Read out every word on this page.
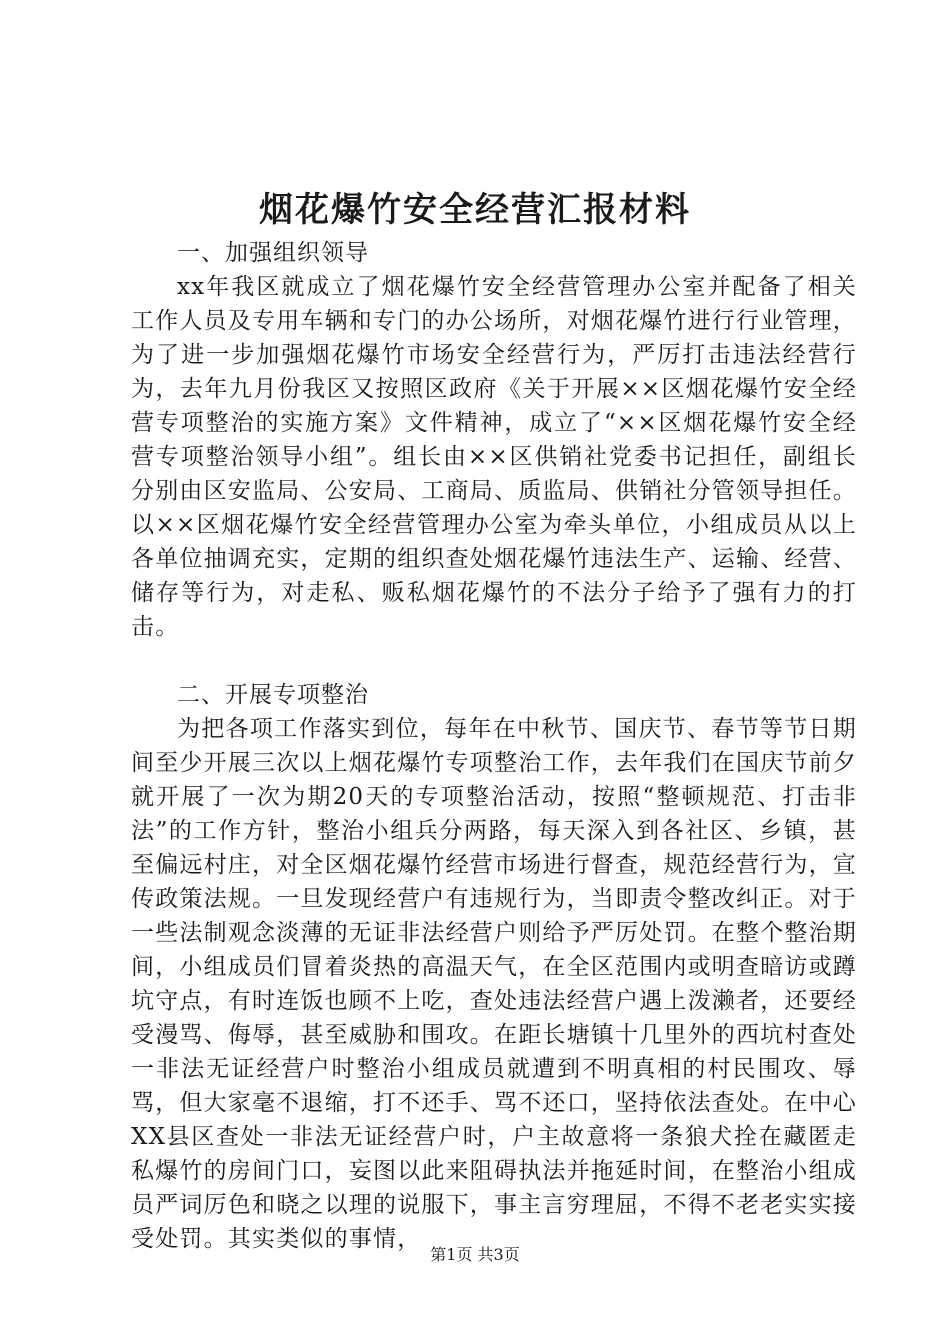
烟花爆竹安全经营汇报材料
一、加强组织领导

xx年我区就成立了烟花爆竹安全经营管理办公室并配备了相关工作人员及专用车辆和专门的办公场所，对烟花爆竹进行行业管理，为了进一步加强烟花爆竹市场安全经营行为，严厉打击违法经营行为，去年九月份我区又按照区政府《关于开展××区烟花爆竹安全经营专项整治的实施方案》文件精神，成立了“××区烟花爆竹安全经营专项整治领导小组”。组长由××区供销社党委书记担任，副组长分别由区安监局、公安局、工商局、质监局、供销社分管领导担任。以××区烟花爆竹安全经营管理办公室为牵头单位，小组成员从以上各单位抽调充实，定期的组织查处烟花爆竹违法生产、运输、经营、储存等行为，对走私、贩私烟花爆竹的不法分子给予了强有力的打击。

二、开展专项整治

为把各项工作落实到位，每年在中秋节、国庆节、春节等节日期间至少开展三次以上烟花爆竹专项整治工作，去年我们在国庆节前夕就开展了一次为期20天的专项整治活动，按照“整顿规范、打击非法”的工作方针，整治小组兵分两路，每天深入到各社区、乡镇，甚至偏远村庄，对全区烟花爆竹经营市场进行督查，规范经营行为，宣传政策法规。一旦发现经营户有违规行为，当即责令整改纠正。对于一些法制观念淡薄的无证非法经营户则给予严厉处罚。在整个整治期间，小组成员们冒着炎热的高温天气，在全区范围内或明查暗访或蹲坑守点，有时连饭也顾不上吃，查处违法经营户遇上泼濑者，还要经受漫骂、侮辱，甚至威胁和围攻。在距长塘镇十几里外的西坑村查处一非法无证经营户时整治小组成员就遭到不明真相的村民围攻、辱骂，但大家毫不退缩，打不还手、骂不还口，坚持依法查处。在中心XX县区查处一非法无证经营户时，户主故意将一条狼犬拴在藏匿走私爆竹的房间门口，妄图以此来阻碍执法并拖延时间，在整治小组成员严词厉色和晓之以理的说服下，事主言穷理屈，不得不老老实实接受处罚。其实类似的事情，

第1页 共3页
